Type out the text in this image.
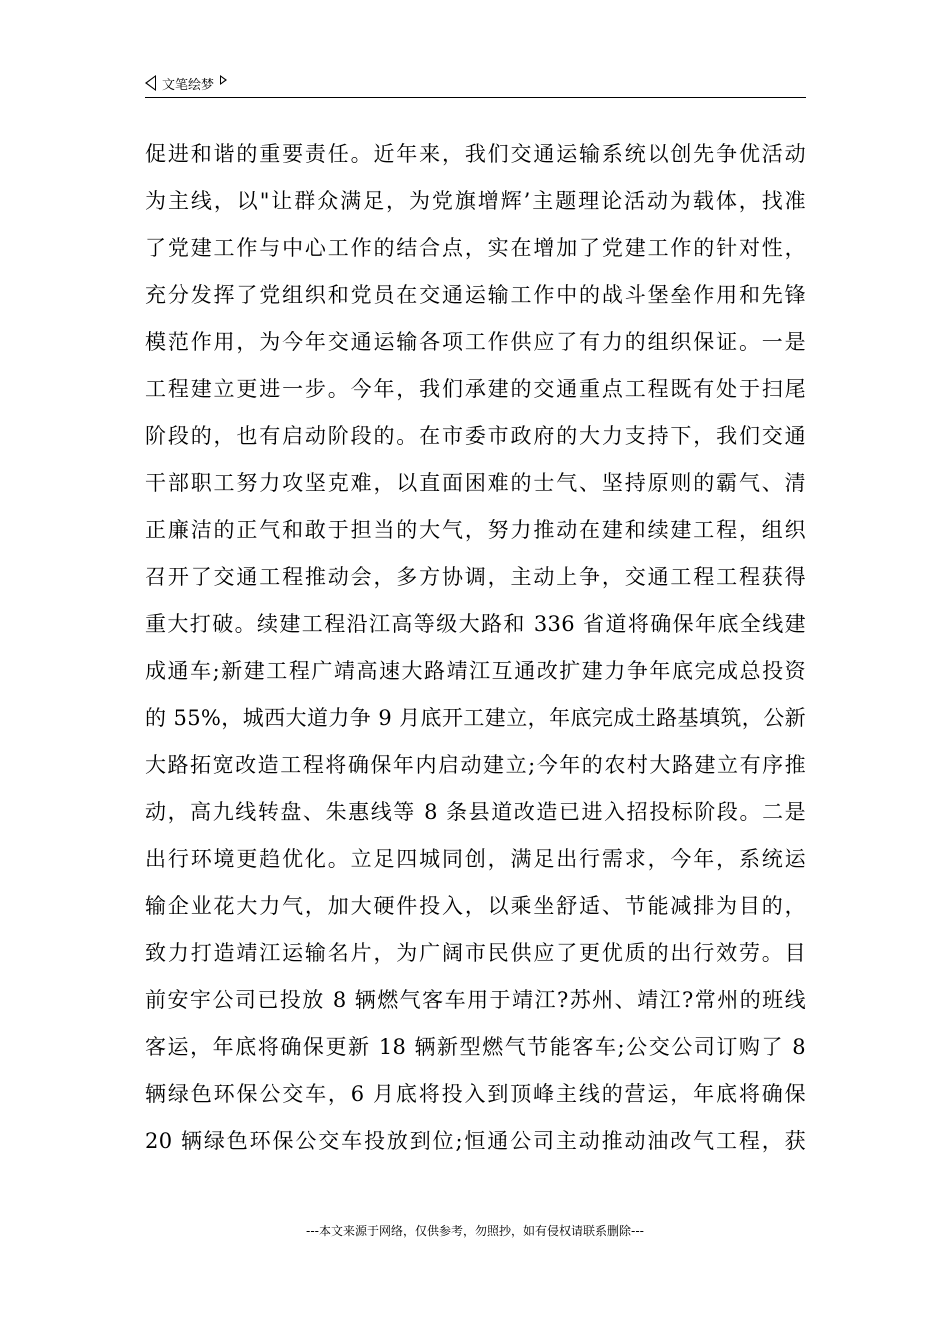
文笔绘梦
促进和谐的重要责任。近年来，我们交通运输系统以创先争优活动
为主线，以"让群众满足，为党旗增辉’主题理论活动为载体，找准
了党建工作与中心工作的结合点，实在增加了党建工作的针对性，
充分发挥了党组织和党员在交通运输工作中的战斗堡垒作用和先锋
模范作用，为今年交通运输各项工作供应了有力的组织保证。一是
工程建立更进一步。今年，我们承建的交通重点工程既有处于扫尾
阶段的，也有启动阶段的。在市委市政府的大力支持下，我们交通
干部职工努力攻坚克难，以直面困难的士气、坚持原则的霸气、清
正廉洁的正气和敢于担当的大气，努力推动在建和续建工程，组织
召开了交通工程推动会，多方协调，主动上争，交通工程工程获得
重大打破。续建工程沿江高等级大路和 336 省道将确保年底全线建
成通车;新建工程广靖高速大路靖江互通改扩建力争年底完成总投资
的 55%，城西大道力争 9 月底开工建立，年底完成土路基填筑，公新
大路拓宽改造工程将确保年内启动建立;今年的农村大路建立有序推
动，高九线转盘、朱惠线等 8 条县道改造已进入招投标阶段。二是
出行环境更趋优化。立足四城同创，满足出行需求，今年，系统运
输企业花大力气，加大硬件投入，以乘坐舒适、节能减排为目的，
致力打造靖江运输名片，为广阔市民供应了更优质的出行效劳。目
前安宇公司已投放 8 辆燃气客车用于靖江?苏州、靖江?常州的班线
客运，年底将确保更新 18 辆新型燃气节能客车;公交公司订购了 8
辆绿色环保公交车，6 月底将投入到顶峰主线的营运，年底将确保
20 辆绿色环保公交车投放到位;恒通公司主动推动油改气工程，获
---本文来源于网络，仅供参考，勿照抄，如有侵权请联系删除---
